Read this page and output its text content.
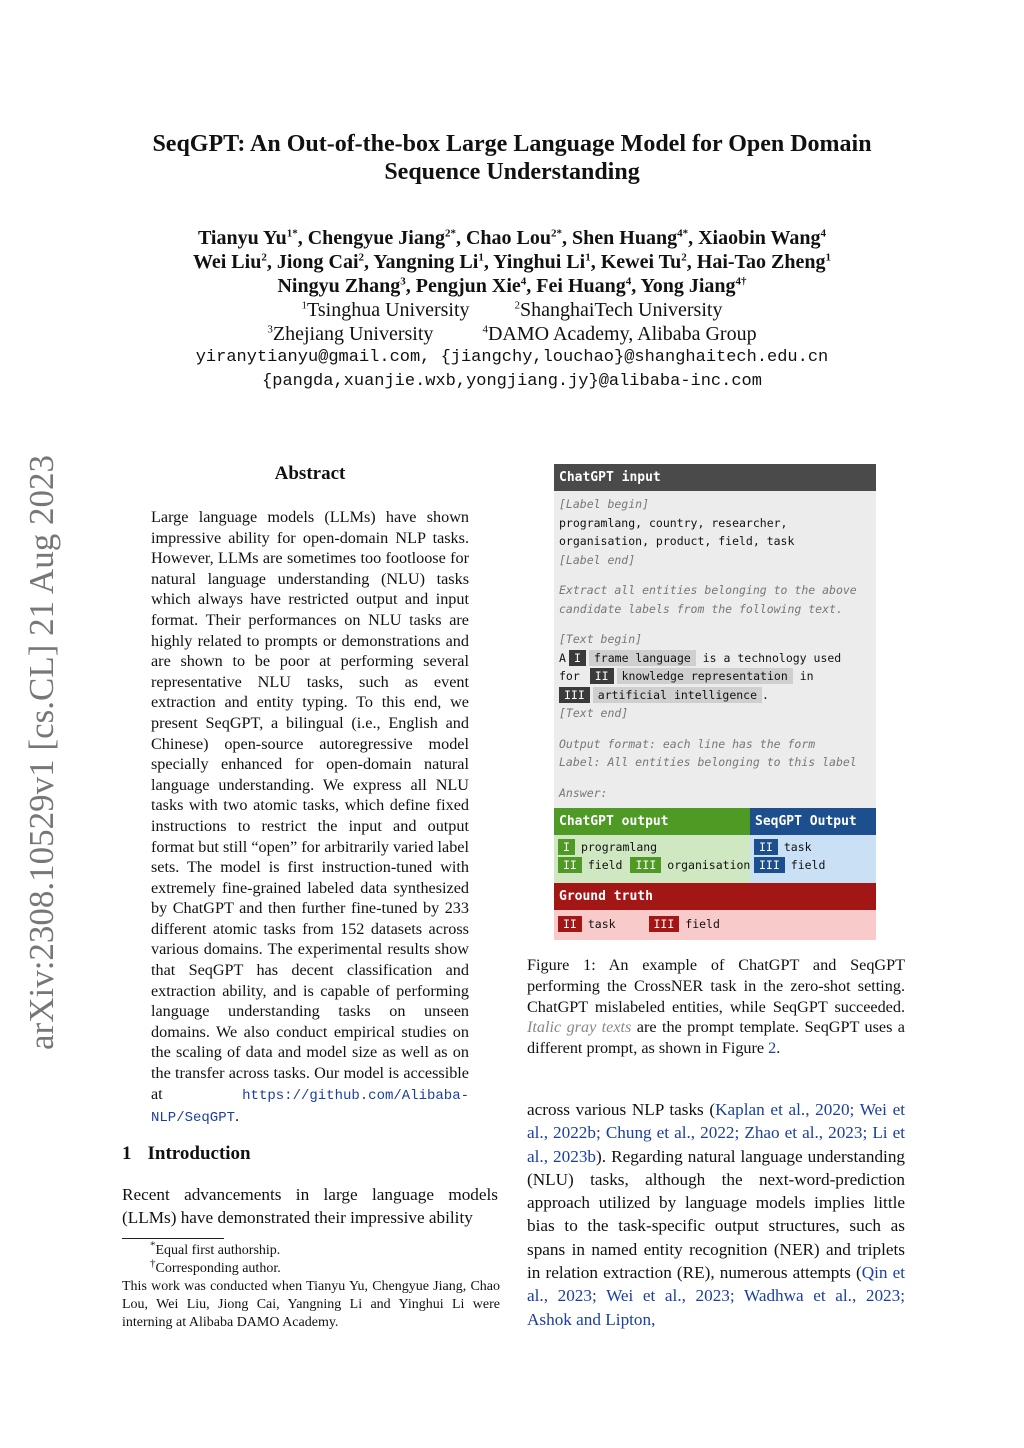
arXiv:2308.10529v1 [cs.CL] 21 Aug 2023
SeqGPT: An Out-of-the-box Large Language Model for Open Domain
Sequence Understanding
Tianyu $Yu^{1*}$, Chengyue Jiang$^{2*}$, Chao Lou$^{2*}$, Shen Huang$^{4*}$, Xiaobin Wang$^4$
Wei Liu$^2$, Jiong Cai$^2$, Yangning Li$^1$, Yinghui Li$^1$, Kewei Tu$^2$, Hai-Tao Zheng$^1$
Ningyu Zhang$^3$, Pengjun Xie$^4$, Fei Huang$^4$, Yong Jiang$^{4\dagger}$
$^1$Tsinghua University	$^2$ShanghaiTech University
$^3$Zhejiang University	$^4$DAMO Academy, Alibaba Group
yiranytianyu@gmail.com, {jiangchy,louchao}@shanghaitech.edu.cn
{pangda,xuanjie.wxb,yongjiang.jy}@alibaba-inc.com
Abstract
Large language models (LLMs) have shown impressive ability for open-domain NLP tasks. However, LLMs are sometimes too footloose for natural language understanding (NLU) tasks which always have restricted output and input format. Their performances on NLU tasks are highly related to prompts or demonstrations and are shown to be poor at performing several representative NLU tasks, such as event extraction and entity typing. To this end, we present SeqGPT, a bilingual (i.e., English and Chinese) open-source autoregressive model specially enhanced for open-domain natural language understanding. We express all NLU tasks with two atomic tasks, which define fixed instructions to restrict the input and output format but still “open” for arbitrarily varied label sets. The model is first instruction-tuned with extremely fine-grained labeled data synthesized by ChatGPT and then further fine-tuned by 233 different atomic tasks from 152 datasets across various domains. The experimental results show that SeqGPT has decent classification and extraction ability, and is capable of performing language understanding tasks on unseen domains. We also conduct empirical studies on the scaling of data and model size as well as on the transfer across tasks. Our model is accessible at https://github.com/Alibaba-NLP/SeqGPT.
1 Introduction
Recent advancements in large language models (LLMs) have demonstrated their impressive ability
*Equal first authorship.
†Corresponding author.
This work was conducted when Tianyu Yu, Chengyue Jiang, Chao Lou, Wei Liu, Jiong Cai, Yangning Li and Yinghui Li were interning at Alibaba DAMO Academy.
ChatGPT input
[Label begin]
programlang, country, researcher,
organisation, product, field, task
[Label end]
Extract all entities belonging to the above
candidate labels from the following text.
[Text begin]
A I frame language is a technology used
for II knowledge representation in
III artificial intelligence .
[Text end]
Output format: each line has the form
Label: All entities belonging to this label
Answer:
ChatGPT output
I programlang
II field III organisation
SeqGPT Output
II task
III field
Ground truth
II task	III field
Figure 1: An example of ChatGPT and SeqGPT performing the CrossNER task in the zero-shot setting. ChatGPT mislabeled entities, while SeqGPT succeeded. Italic gray texts are the prompt template. SeqGPT uses a different prompt, as shown in Figure 2.
across various NLP tasks (Kaplan et al., 2020; Wei et al., 2022b; Chung et al., 2022; Zhao et al., 2023; Li et al., 2023b). Regarding natural language understanding (NLU) tasks, although the next-word-prediction approach utilized by language models implies little bias to the task-specific output structures, such as spans in named entity recognition (NER) and triplets in relation extraction (RE), numerous attempts (Qin et al., 2023; Wei et al., 2023; Wadhwa et al., 2023; Ashok and Lipton,
